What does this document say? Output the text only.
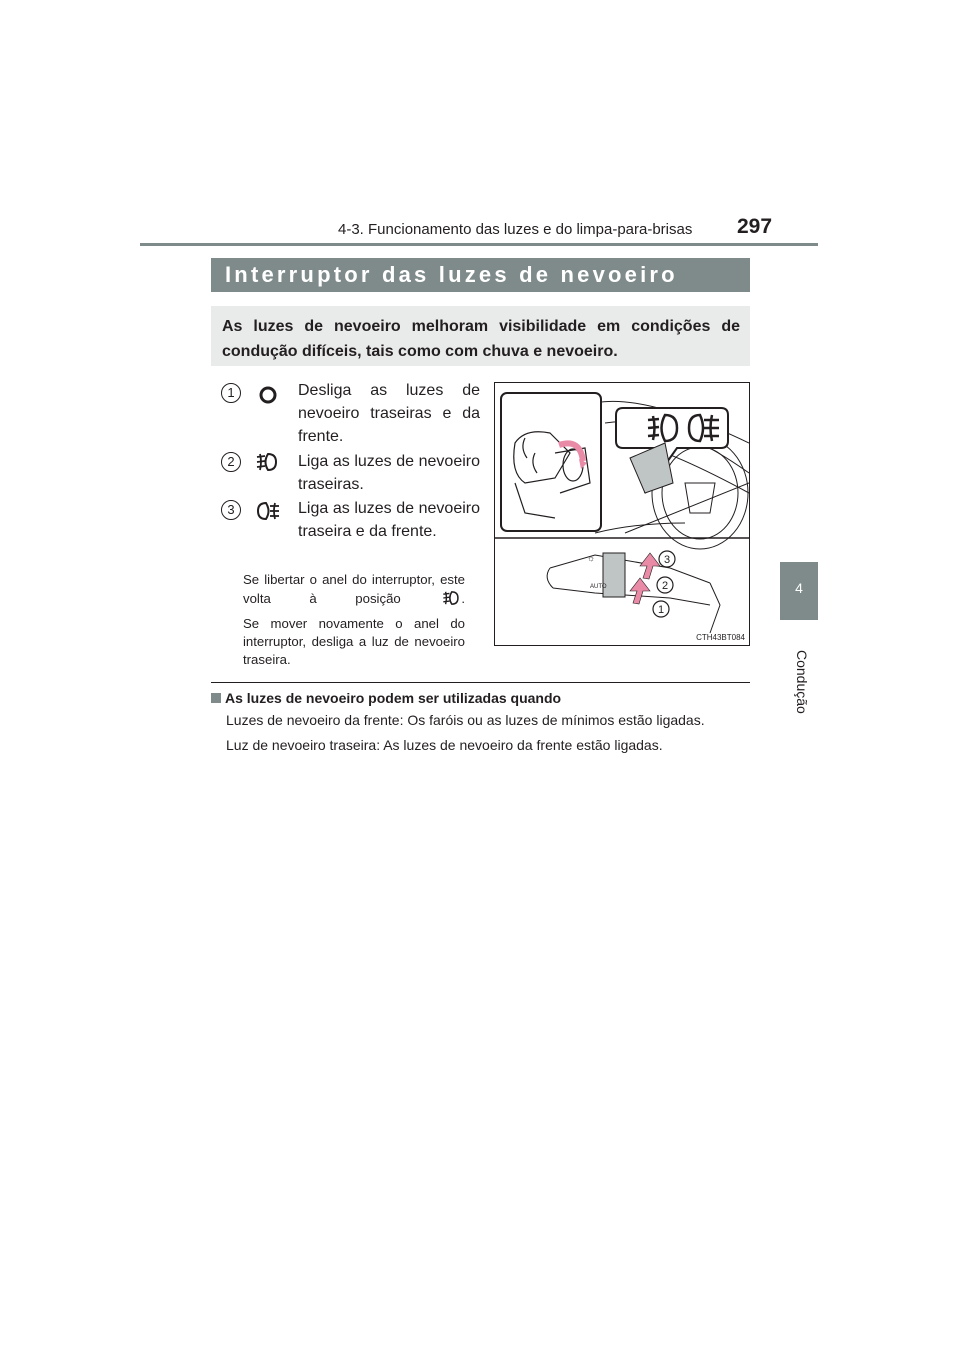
4-3. Funcionamento das luzes e do limpa-para-brisas 297
4
Condução
Interruptor das luzes de nevoeiro
As luzes de nevoeiro melhoram visibilidade em condições de condução difíceis, tais como com chuva e nevoeiro.
1	Desliga as luzes de nevoeiro traseiras e da frente.
2	Liga as luzes de nevoeiro traseiras.
3	Liga as luzes de nevoeiro traseira e da frente.
Se libertar o anel do interruptor, este volta à posição	.
Se mover novamente o anel do interruptor, desliga a luz de nevoeiro traseira.
AUTO
☼	3
2
1
CTH43BT084
As luzes de nevoeiro podem ser utilizadas quando
Luzes de nevoeiro da frente: Os faróis ou as luzes de mínimos estão ligadas.
Luz de nevoeiro traseira: As luzes de nevoeiro da frente estão ligadas.
